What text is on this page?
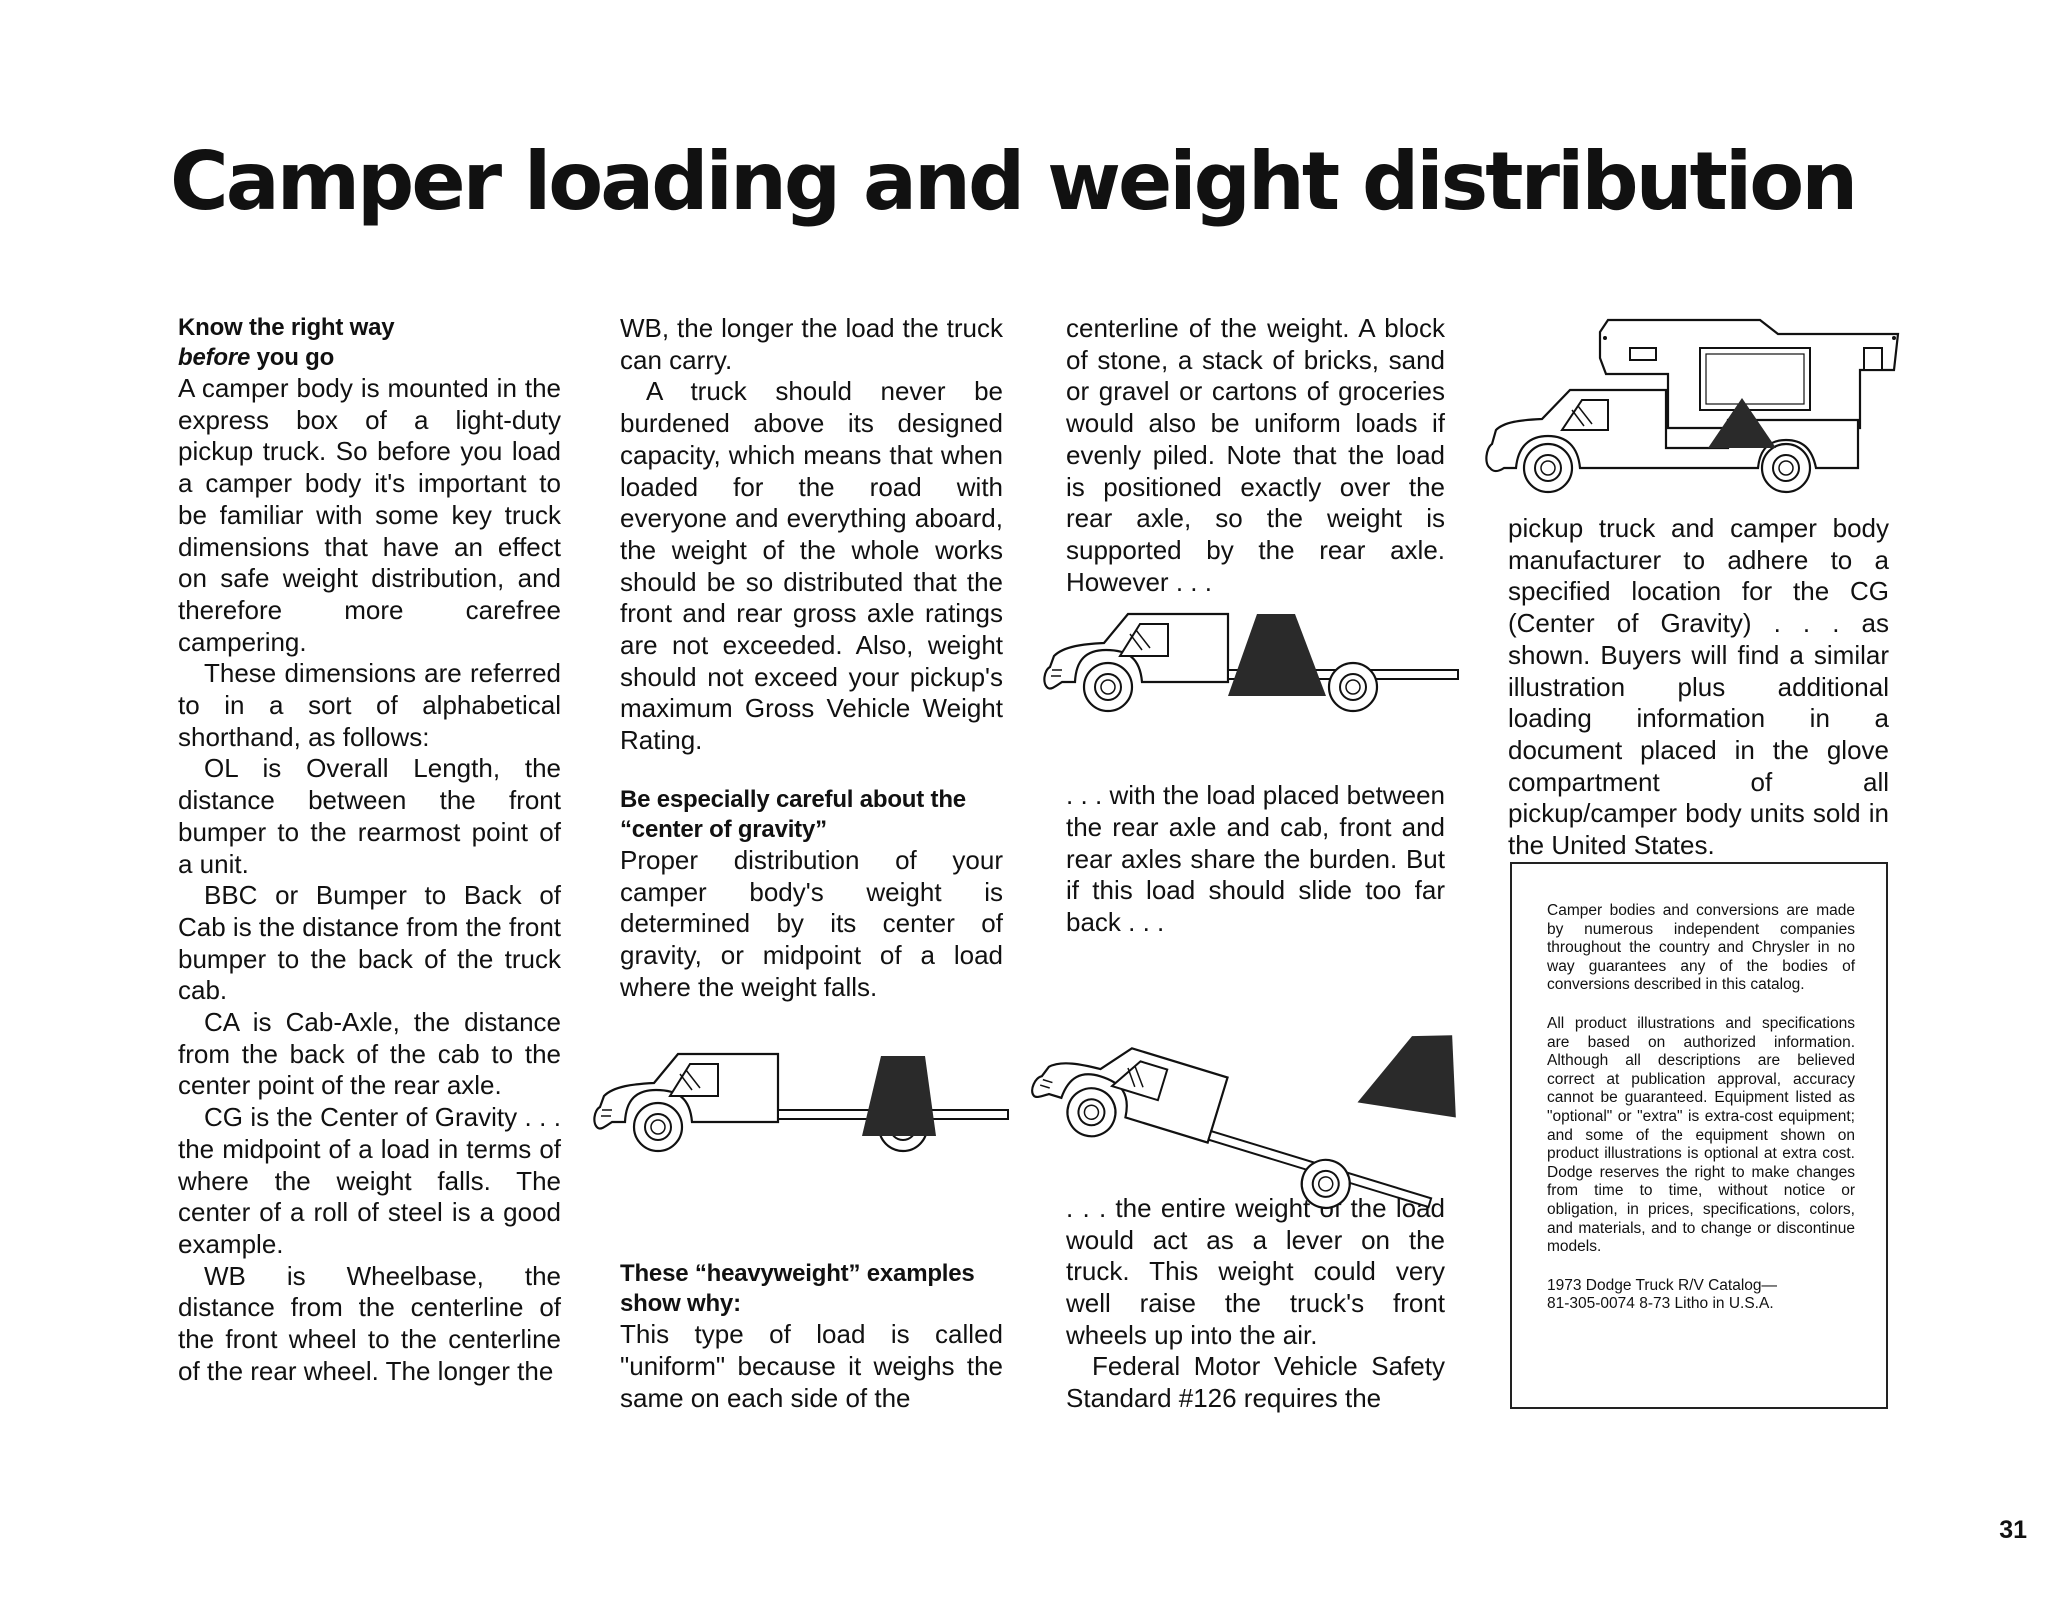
Camper loading and weight distribution
Know the right way
before you go

A camper body is mounted in the express box of a light-duty pickup truck. So before you load a camper body it's important to be familiar with some key truck dimensions that have an effect on safe weight distribution, and therefore more carefree campering.

These dimensions are referred to in a sort of alphabetical shorthand, as follows:

OL is Overall Length, the distance between the front bumper to the rearmost point of a unit.

BBC or Bumper to Back of Cab is the distance from the front bumper to the back of the truck cab.

CA is Cab-Axle, the distance from the back of the cab to the center point of the rear axle.

CG is the Center of Gravity . . . the midpoint of a load in terms of where the weight falls. The center of a roll of steel is a good example.

WB is Wheelbase, the distance from the centerline of the front wheel to the centerline of the rear wheel. The longer the

WB, the longer the load the truck can carry.

A truck should never be burdened above its designed capacity, which means that when loaded for the road with everyone and everything aboard, the weight of the whole works should be so distributed that the front and rear gross axle ratings are not exceeded. Also, weight should not exceed your pickup's maximum Gross Vehicle Weight Rating.

Be especially careful about the “center of gravity”

Proper distribution of your camper body's weight is determined by its center of gravity, or midpoint of a load where the weight falls.

These “heavyweight” examples show why:

This type of load is called "uniform" because it weighs the same on each side of the

centerline of the weight. A block of stone, a stack of bricks, sand or gravel or cartons of groceries would also be uniform loads if evenly piled. Note that the load is positioned exactly over the rear axle, so the weight is supported by the rear axle. However . . .

. . . with the load placed between the rear axle and cab, front and rear axles share the burden. But if this load should slide too far back . . .

. . . the entire weight of the load would act as a lever on the truck. This weight could very well raise the truck's front wheels up into the air.

Federal Motor Vehicle Safety Standard #126 requires the

pickup truck and camper body manufacturer to adhere to a specified location for the CG (Center of Gravity) . . . as shown. Buyers will find a similar illustration plus additional loading information in a document placed in the glove compartment of all pickup/camper body units sold in the United States.

Camper bodies and conversions are made by numerous independent companies throughout the country and Chrysler in no way guarantees any of the bodies of conversions described in this catalog.

All product illustrations and specifications are based on authorized information. Although all descriptions are believed correct at publication approval, accuracy cannot be guaranteed. Equipment listed as "optional" or "extra" is extra-cost equipment; and some of the equipment shown on product illustrations is optional at extra cost. Dodge reserves the right to make changes from time to time, without notice or obligation, in prices, specifications, colors, and materials, and to change or discontinue models.

1973 Dodge Truck R/V Catalog—
81-305-0074 8-73 Litho in U.S.A.

31
